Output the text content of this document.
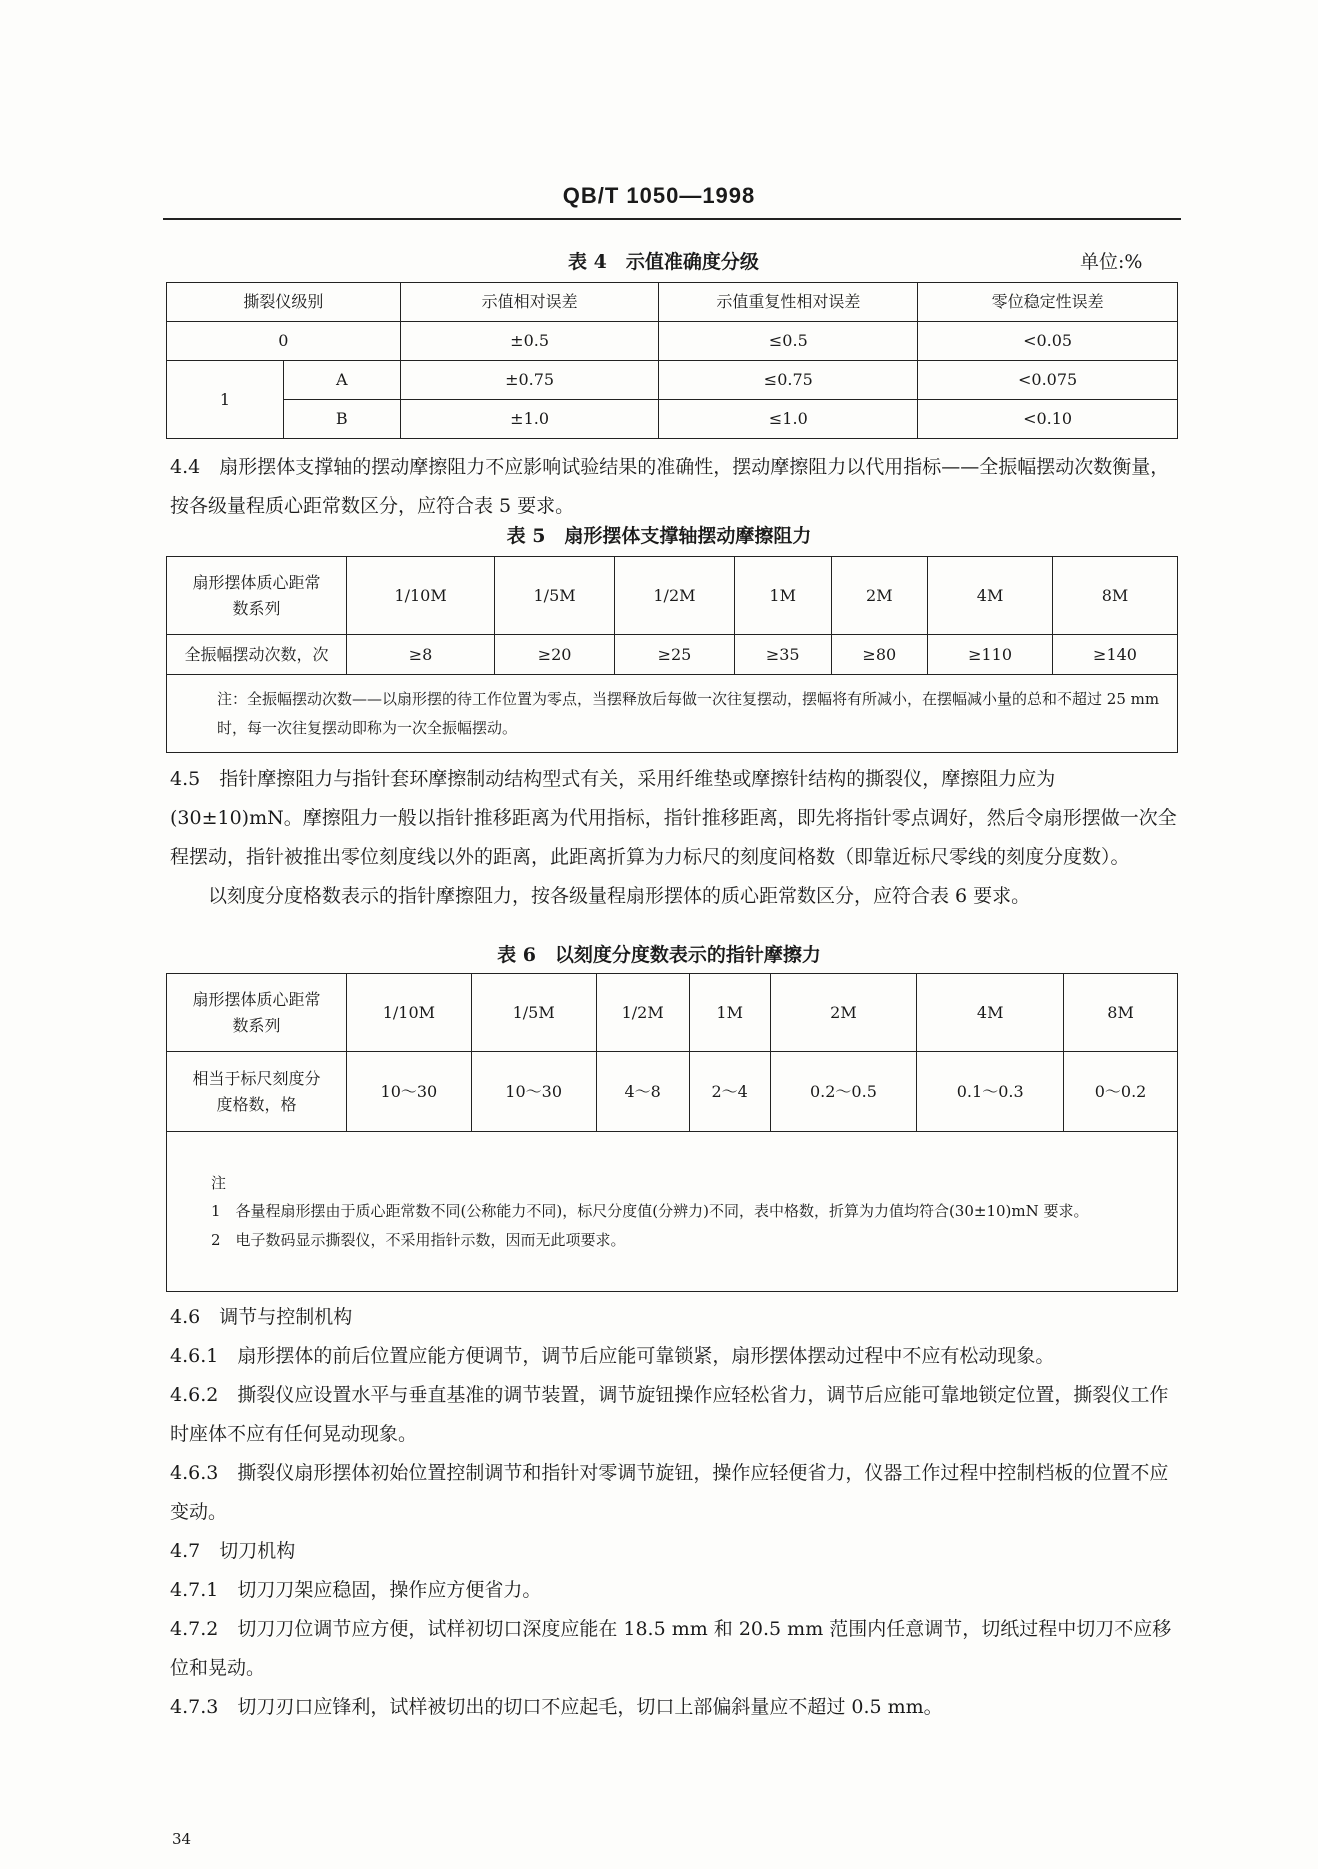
QB/T 1050—1998
表 4　示值准确度分级	单位:%
撕裂仪级别		示值相对误差	示值重复性相对误差	零位稳定性误差
0		±0.5	≤0.5	<0.05
1	A	±0.75	≤0.75	<0.075
	B	±1.0	≤1.0	<0.10

4.4　扇形摆体支撑轴的摆动摩擦阻力不应影响试验结果的准确性，摆动摩擦阻力以代用指标——全振幅摆动次数衡量，按各级量程质心距常数区分，应符合表 5 要求。

表 5　扇形摆体支撑轴摆动摩擦阻力
扇形摆体质心距常数系列	1/10M	1/5M	1/2M	1M	2M	4M	8M
全振幅摆动次数，次	≥8	≥20	≥25	≥35	≥80	≥110	≥140
注：全振幅摆动次数——以扇形摆的待工作位置为零点，当摆释放后每做一次往复摆动，摆幅将有所减小，在摆幅减小量的总和不超过 25 mm 时，每一次往复摆动即称为一次全振幅摆动。							

4.5　指针摩擦阻力与指针套环摩擦制动结构型式有关，采用纤维垫或摩擦针结构的撕裂仪，摩擦阻力应为(30±10)mN。摩擦阻力一般以指针推移距离为代用指标，指针推移距离，即先将指针零点调好，然后令扇形摆做一次全程摆动，指针被推出零位刻度线以外的距离，此距离折算为力标尺的刻度间格数（即靠近标尺零线的刻度分度数）。

以刻度分度格数表示的指针摩擦阻力，按各级量程扇形摆体的质心距常数区分，应符合表 6 要求。

表 6　以刻度分度数表示的指针摩擦力
扇形摆体质心距常数系列	1/10M	1/5M	1/2M	1M	2M	4M	8M
相当于标尺刻度分度格数，格	10～30	10～30	4～8	2～4	0.2～0.5	0.1～0.3	0～0.2

注
1　各量程扇形摆由于质心距常数不同(公称能力不同)，标尺分度值(分辨力)不同，表中格数，折算为力值均符合(30±10)mN 要求。
2　电子数码显示撕裂仪，不采用指针示数，因而无此项要求。							

4.6　调节与控制机构

4.6.1　扇形摆体的前后位置应能方便调节，调节后应能可靠锁紧，扇形摆体摆动过程中不应有松动现象。

4.6.2　撕裂仪应设置水平与垂直基准的调节装置，调节旋钮操作应轻松省力，调节后应能可靠地锁定位置，撕裂仪工作时座体不应有任何晃动现象。

4.6.3　撕裂仪扇形摆体初始位置控制调节和指针对零调节旋钮，操作应轻便省力，仪器工作过程中控制档板的位置不应变动。

4.7　切刀机构

4.7.1　切刀刀架应稳固，操作应方便省力。

4.7.2　切刀刀位调节应方便，试样初切口深度应能在 18.5 mm 和 20.5 mm 范围内任意调节，切纸过程中切刀不应移位和晃动。

4.7.3　切刀刃口应锋利，试样被切出的切口不应起毛，切口上部偏斜量应不超过 0.5 mm。

34
